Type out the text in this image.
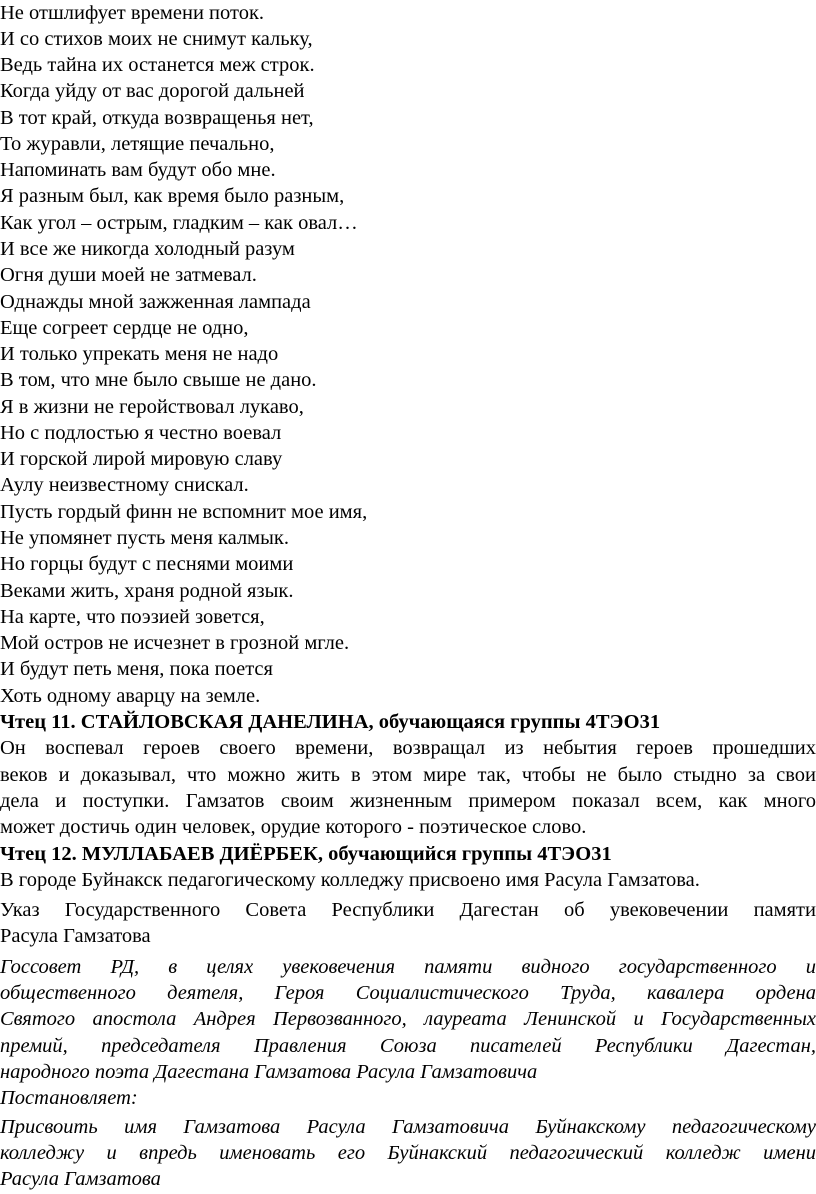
Не отшлифует времени поток.
И со стихов моих не снимут кальку,
Ведь тайна их останется меж строк.
Когда уйду от вас дорогой дальней
В тот край, откуда возвращенья нет,
То журавли, летящие печально,
Напоминать вам будут обо мне.
Я разным был, как время было разным,
Как угол – острым, гладким – как овал…
И все же никогда холодный разум
Огня души моей не затмевал.
Однажды мной зажженная лампада
Еще согреет сердце не одно,
И только упрекать меня не надо
В том, что мне было свыше не дано.
Я в жизни не геройствовал лукаво,
Но с подлостью я честно воевал
И горской лирой мировую славу
Аулу неизвестному снискал.
Пусть гордый финн не вспомнит мое имя,
Не упомянет пусть меня калмык.
Но горцы будут с песнями моими
Веками жить, храня родной язык.
На карте, что поэзией зовется,
Мой остров не исчезнет в грозной мгле.
И будут петь меня, пока поется
Хоть одному аварцу на земле.
Чтец 11. СТАЙЛОВСКАЯ ДАНЕЛИНА, обучающаяся группы 4ТЭО31
Он воспевал героев своего времени, возвращал из небытия героев прошедших
веков и доказывал, что можно жить в этом мире так, чтобы не было стыдно за свои
дела и поступки. Гамзатов своим жизненным примером показал всем, как много
может достичь один человек, орудие которого - поэтическое слово.
Чтец 12. МУЛЛАБАЕВ ДИЁРБЕК, обучающийся группы 4ТЭО31
В городе Буйнакск педагогическому колледжу присвоено имя Расула Гамзатова.
Указ Государственного Совета Республики Дагестан об увековечении памяти
Расула Гамзатова
Госсовет РД, в целях увековечения памяти видного государственного и
общественного деятеля, Героя Социалистического Труда, кавалера ордена
Святого апостола Андрея Первозванного, лауреата Ленинской и Государственных
премий, председателя Правления Союза писателей Республики Дагестан,
народного поэта Дагестана Гамзатова Расула Гамзатовича
Постановляет:
Присвоить имя Гамзатова Расула Гамзатовича Буйнакскому педагогическому
колледжу и впредь именовать его Буйнакский педагогический колледж имени
Расула Гамзатова
